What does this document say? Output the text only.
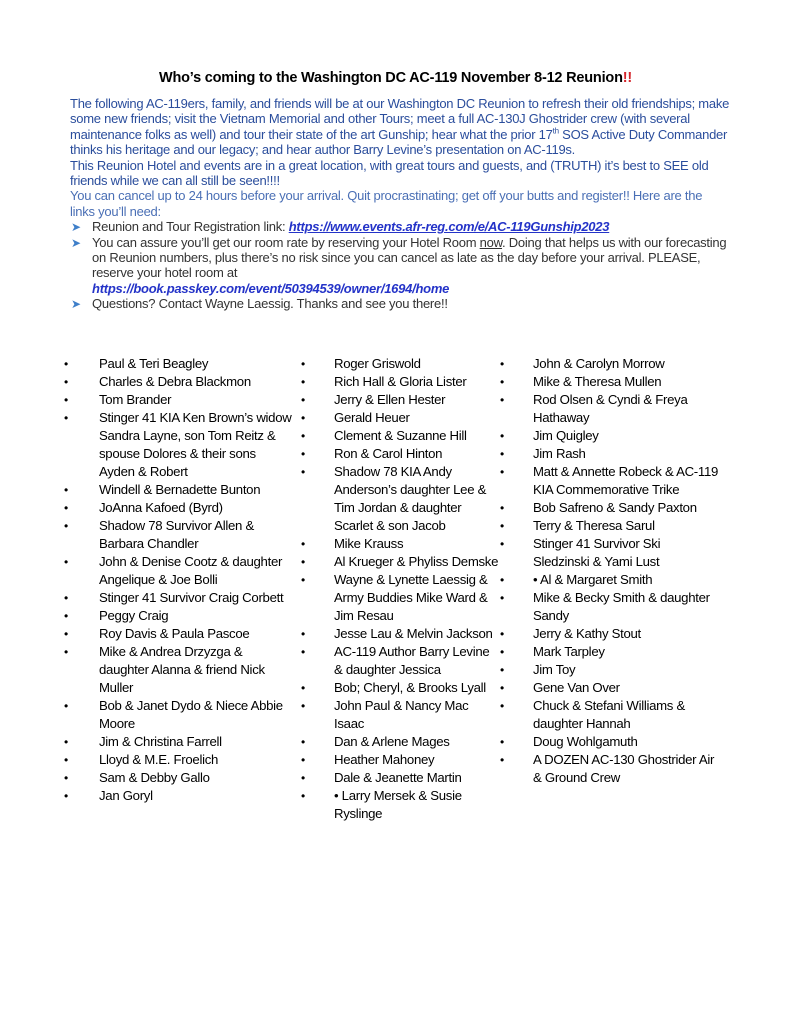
Who’s coming to the Washington DC AC-119 November 8-12 Reunion!!

The following AC-119ers, family, and friends will be at our Washington DC Reunion to refresh their old friendships; make some new friends; visit the Vietnam Memorial and other Tours; meet a full AC-130J Ghostrider crew (with several maintenance folks as well) and tour their state of the art Gunship; hear what the prior 17th SOS Active Duty Commander thinks his heritage and our legacy; and hear author Barry Levine’s presentation on AC-119s.

This Reunion Hotel and events are in a great location, with great tours and guests, and (TRUTH) it’s best to SEE old friends while we can all still be seen!!!!

You can cancel up to 24 hours before your arrival. Quit procrastinating; get off your butts and register!! Here are the links you’ll need:

➤ Reunion and Tour Registration link: https://www.events.afr-reg.com/e/AC-119Gunship2023
➤ You can assure you’ll get our room rate by reserving your Hotel Room now. Doing that helps us with our forecasting on Reunion numbers, plus there’s no risk since you can cancel as late as the day before your arrival. PLEASE, reserve your hotel room at
https://book.passkey.com/event/50394539/owner/1694/home
➤ Questions? Contact Wayne Laessig. Thanks and see you there!!
• Paul & Teri Beagley
• Charles & Debra Blackmon
• Tom Brander
• Stinger 41 KIA Ken Brown’s widow Sandra Layne, son Tom Reitz & spouse Dolores & their sons Ayden & Robert
• Windell & Bernadette Bunton
• JoAnna Kafoed (Byrd)
• Shadow 78 Survivor Allen & Barbara Chandler
• John & Denise Cootz & daughter Angelique & Joe Bolli
• Stinger 41 Survivor Craig Corbett
• Peggy Craig
• Roy Davis & Paula Pascoe
• Mike & Andrea Drzyzga & daughter Alanna & friend Nick Muller
• Bob & Janet Dydo & Niece Abbie Moore
• Jim & Christina Farrell
• Lloyd & M.E. Froelich
• Sam & Debby Gallo
• Jan Goryl
• Roger Griswold
• Rich Hall & Gloria Lister
• Jerry & Ellen Hester
• Gerald Heuer
• Clement & Suzanne Hill
• Ron & Carol Hinton
• Shadow 78 KIA Andy Anderson’s daughter Lee & Tim Jordan & daughter Scarlet & son Jacob
• Mike Krauss
• Al Krueger & Phyliss Demske
• Wayne & Lynette Laessig & Army Buddies Mike Ward & Jim Resau
• Jesse Lau & Melvin Jackson
• AC-119 Author Barry Levine & daughter Jessica
• Bob; Cheryl, & Brooks Lyall
• John Paul & Nancy Mac Isaac
• Dan & Arlene Mages
• Heather Mahoney
• Dale & Jeanette Martin
• • Larry Mersek & Susie Ryslinge
• John & Carolyn Morrow
• Mike & Theresa Mullen
• Rod Olsen & Cyndi & Freya Hathaway
• Jim Quigley
• Jim Rash
• Matt & Annette Robeck & AC-119 KIA Commemorative Trike
• Bob Safreno & Sandy Paxton
• Terry & Theresa Sarul
• Stinger 41 Survivor Ski Sledzinski & Yami Lust
• • Al & Margaret Smith
• Mike & Becky Smith & daughter Sandy
• Jerry & Kathy Stout
• Mark Tarpley
• Jim Toy
• Gene Van Over
• Chuck & Stefani Williams & daughter Hannah
• Doug Wohlgamuth
• A DOZEN AC-130 Ghostrider Air & Ground Crew
